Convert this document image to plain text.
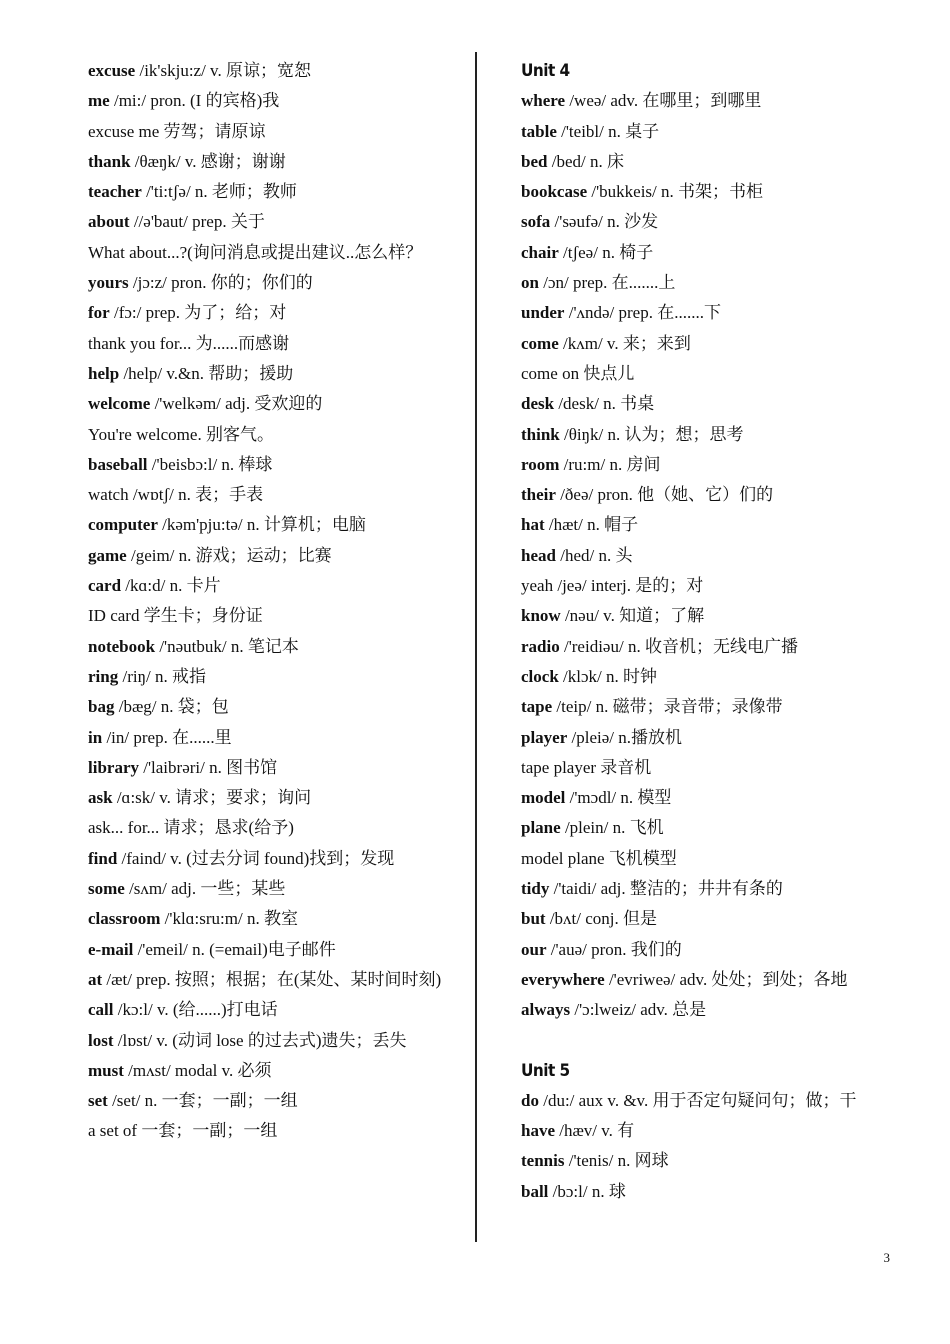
excuse /ik'skju:z/ v. 原谅；宽恕
me /mi:/ pron. (I 的宾格)我
excuse me 劳驾；请原谅
thank /θæŋk/ v. 感谢；谢谢
teacher /'ti:tʃə/ n. 老师；教师
about //ə'baut/ prep. 关于
What about...?(询问消息或提出建议..怎么样？
yours /jɔ:z/ pron. 你的；你们的
for /fɔ:/ prep. 为了；给；对
thank you for... 为......而感谢
help /help/ v.&n. 帮助；援助
welcome /'welkəm/ adj. 受欢迎的
You're welcome. 别客气。
baseball /'beisbɔ:l/ n. 棒球
watch /wɒtʃ/ n. 表；手表
computer /kəm'pju:tə/ n. 计算机；电脑
game /geim/ n. 游戏；运动；比赛
card /kɑ:d/ n. 卡片
ID card 学生卡；身份证
notebook /'nəutbuk/ n. 笔记本
ring /riŋ/ n. 戒指
bag /bæg/ n. 袋；包
in /in/ prep. 在......里
library /'laibrəri/ n. 图书馆
ask /ɑ:sk/ v. 请求；要求；询问
ask... for... 请求；恳求(给予)
find /faind/ v. (过去分词 found)找到；发现
some /sʌm/ adj. 一些；某些
classroom /'klɑ:sru:m/ n. 教室
e-mail /'emeil/ n. (=email)电子邮件
at /æt/ prep. 按照；根据；在(某处、某时间时刻)
call /kɔ:l/ v. (给......)打电话
lost /lɒst/ v. (动词 lose 的过去式)遗失；丢失
must /mʌst/ modal v. 必须
set /set/ n. 一套；一副；一组
a set of 一套；一副；一组
Unit 4
where /weə/ adv. 在哪里；到哪里
table /'teibl/ n. 桌子
bed /bed/ n. 床
bookcase /'bukkeis/ n. 书架；书柜
sofa /'səufə/ n. 沙发
chair /tʃeə/ n. 椅子
on /ɔn/ prep. 在.......上
under /'ʌndə/ prep. 在.......下
come /kʌm/ v. 来；来到
come on 快点儿
desk /desk/ n. 书桌
think /θiŋk/ n. 认为；想；思考
room /ru:m/ n. 房间
their /ðeə/ pron. 他（她、它）们的
hat /hæt/ n. 帽子
head /hed/ n. 头
yeah /jeə/ interj. 是的；对
know /nəu/ v. 知道；了解
radio /'reidiəu/ n. 收音机；无线电广播
clock /klɔk/ n. 时钟
tape /teip/ n. 磁带；录音带；录像带
player /pleiə/ n.播放机
tape player 录音机
model /'mɔdl/ n. 模型
plane /plein/ n. 飞机
model plane 飞机模型
tidy /'taidi/ adj. 整洁的；井井有条的
but /bʌt/ conj. 但是
our /'auə/ pron. 我们的
everywhere /'evriweə/ adv. 处处；到处；各地
always /'ɔ:lweiz/ adv. 总是
Unit 5
do /du:/ aux v. &v. 用于否定句疑问句；做；干
have /hæv/ v. 有
tennis /'tenis/ n. 网球
ball /bɔ:l/ n. 球
3
